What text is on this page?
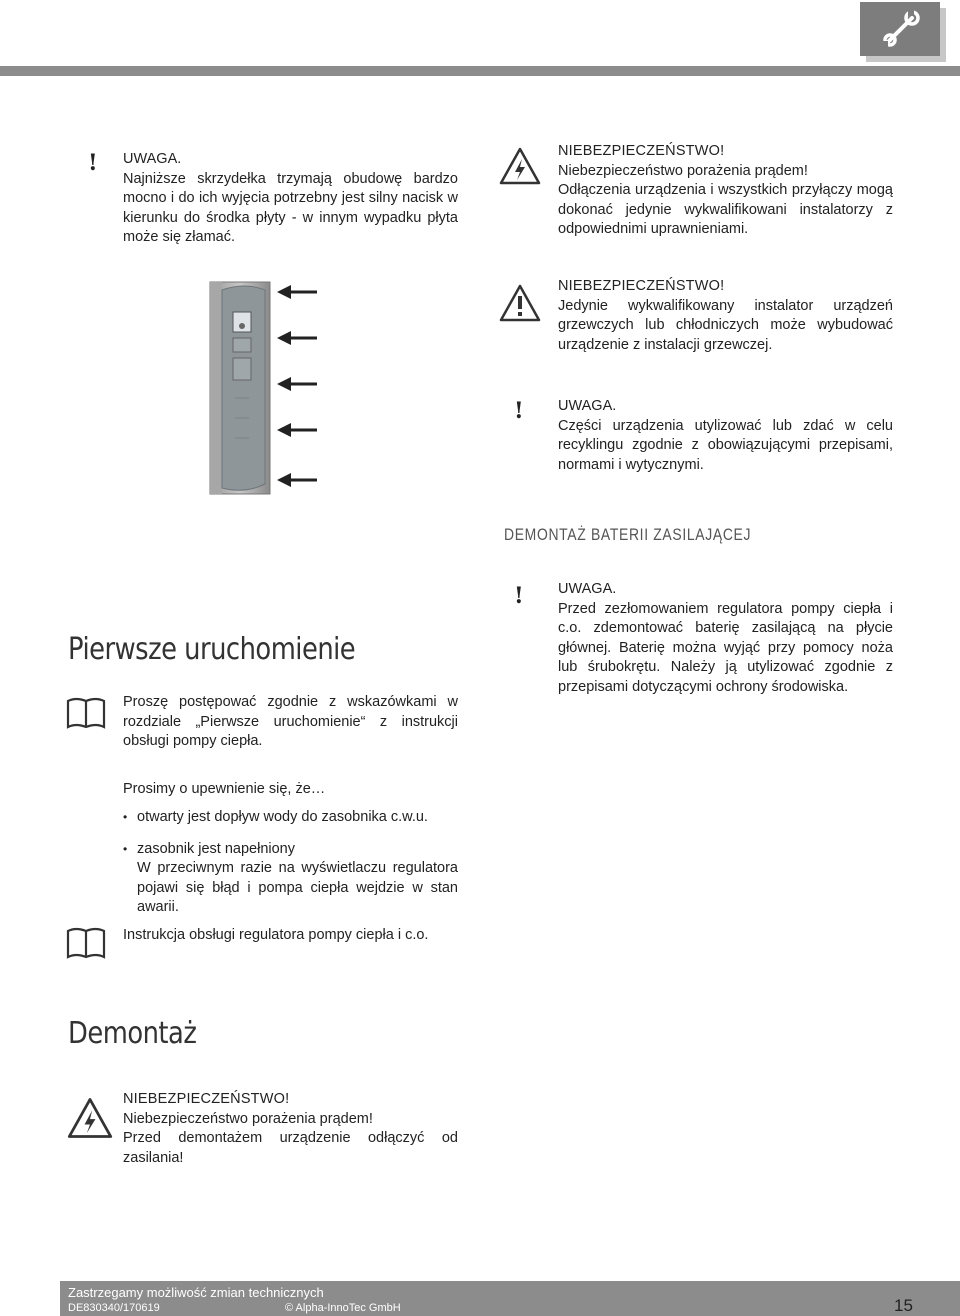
! UWAGA.

Najniższe skrzydełka trzymają obudowę bardzo mocno i do ich wyjęcia potrzebny jest silny nacisk w kierunku do środka płyty - w innym wypadku płyta może się złamać.

NIEBEZPIECZEŃSTWO!

Niebezpieczeństwo porażenia prądem!

Odłączenia urządzenia i wszystkich przyłączy mogą dokonać jedynie wykwalifikowani instalatorzy z odpowiednimi uprawnieniami.

NIEBEZPIECZEŃSTWO!

Jedynie wykwalifikowany instalator urządzeń grzewczych lub chłodniczych może wybudować urządzenie z instalacji grzewczej.

! UWAGA.

Części urządzenia utylizować lub zdać w celu recyklingu zgodnie z obowiązującymi przepisami, normami i wytycznymi.

DEMONTAŻ BATERII ZASILAJĄCEJ
! UWAGA.

Przed zezłomowaniem regulatora pompy ciepła i c.o. zdemontować baterię zasilającą na płycie głównej. Baterię można wyjąć przy pomocy noża lub śrubokrętu. Należy ją utylizować zgodnie z przepisami dotyczącymi ochrony środowiska.

Pierwsze uruchomienie
Proszę postępować zgodnie z wskazówkami w rozdziale „Pierwsze uruchomienie“ z instrukcji obsługi pompy ciepła.
Prosimy o upewnienie się, że…
• otwarty jest dopływ wody do zasobnika c.w.u.
• zasobnik jest napełniony
W przeciwnym razie na wyświetlaczu regulatora pojawi się błąd i pompa ciepła wejdzie w stan awarii.
Instrukcja obsługi regulatora pompy ciepła i c.o.
Demontaż

NIEBEZPIECZEŃSTWO!

Niebezpieczeństwo porażenia prądem!

Przed demontażem urządzenie odłączyć od zasilania!

Zastrzegamy możliwość zmian technicznych
DE830340/170619	© Alpha-InnoTec GmbH	15
